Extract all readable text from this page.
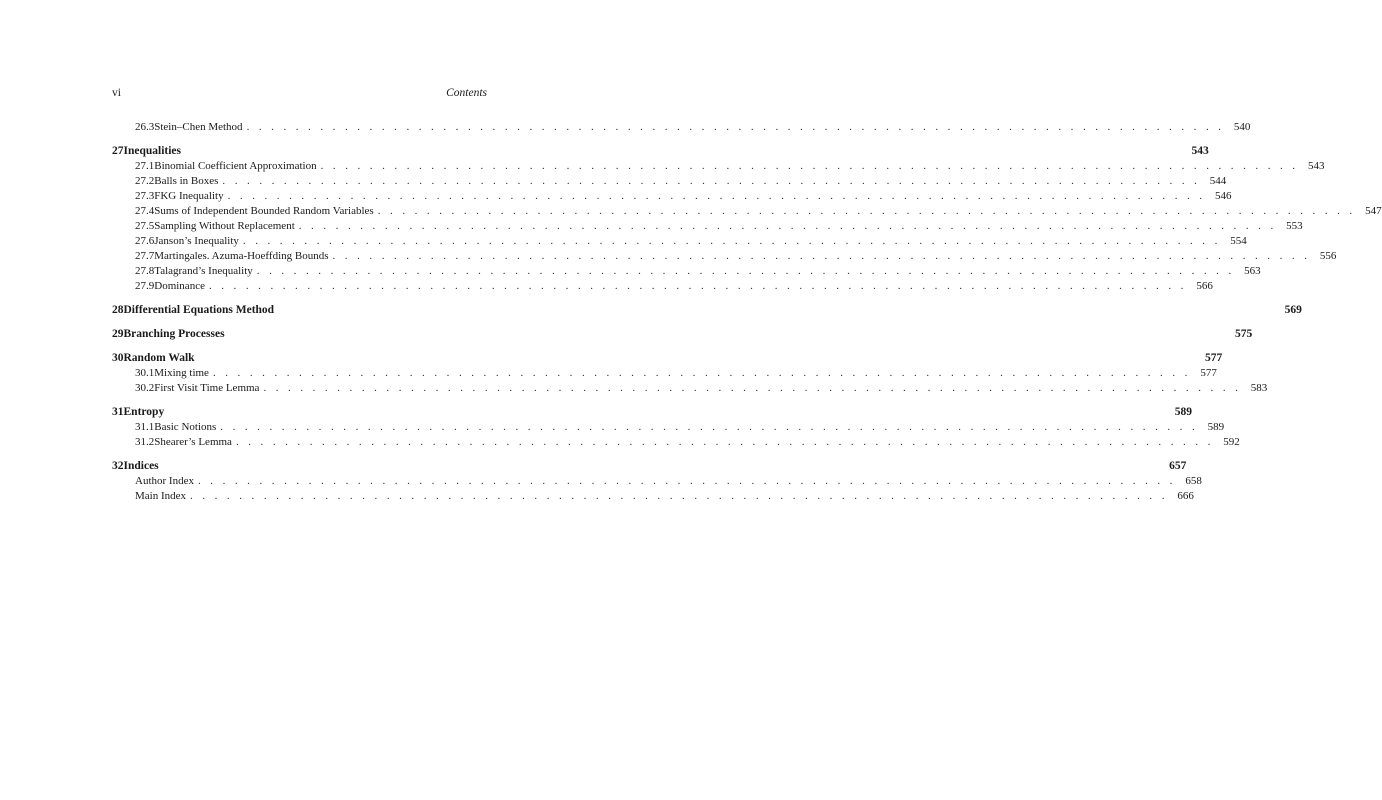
vi	Contents
26.3 Stein–Chen Method . . . . . . . . . . . . . . . . . . . . . . . . . . . . . . . . . . . . . . . . . . . . . . . . . . . . . . . . . . . . . . . . . . . . . . . . . . . . . . . . 540
27 Inequalities	543
27.1 Binomial Coefficient Approximation . . . . . . . . . . . . . . . . . . . . . . . . . . . . . . . . . . . . . . . . . . . . . . . . . . . . . . . . . . . . . . . . . . . . . . . . . . . . . . . . 543
27.2 Balls in Boxes . . . . . . . . . . . . . . . . . . . . . . . . . . . . . . . . . . . . . . . . . . . . . . . . . . . . . . . . . . . . . . . . . . . . . . . . . . . . . . . . 544
27.3 FKG Inequality . . . . . . . . . . . . . . . . . . . . . . . . . . . . . . . . . . . . . . . . . . . . . . . . . . . . . . . . . . . . . . . . . . . . . . . . . . . . . . . . 546
27.4 Sums of Independent Bounded Random Variables . . . . . . . . . . . . . . . . . . . . . . . . . . . . . . . . . . . . . . . . . . . . . . . . . . . . . . . . . . . . . . . . . . . . . . . . . . . . . . . . 547
27.5 Sampling Without Replacement . . . . . . . . . . . . . . . . . . . . . . . . . . . . . . . . . . . . . . . . . . . . . . . . . . . . . . . . . . . . . . . . . . . . . . . . . . . . . . . . 553
27.6 Janson’s Inequality . . . . . . . . . . . . . . . . . . . . . . . . . . . . . . . . . . . . . . . . . . . . . . . . . . . . . . . . . . . . . . . . . . . . . . . . . . . . . . . . 554
27.7 Martingales. Azuma-Hoeffding Bounds . . . . . . . . . . . . . . . . . . . . . . . . . . . . . . . . . . . . . . . . . . . . . . . . . . . . . . . . . . . . . . . . . . . . . . . . . . . . . . . . 556
27.8 Talagrand’s Inequality . . . . . . . . . . . . . . . . . . . . . . . . . . . . . . . . . . . . . . . . . . . . . . . . . . . . . . . . . . . . . . . . . . . . . . . . . . . . . . . . 563
27.9 Dominance . . . . . . . . . . . . . . . . . . . . . . . . . . . . . . . . . . . . . . . . . . . . . . . . . . . . . . . . . . . . . . . . . . . . . . . . . . . . . . . . 566
28 Differential Equations Method	569
29 Branching Processes	575
30 Random Walk	577
30.1 Mixing time . . . . . . . . . . . . . . . . . . . . . . . . . . . . . . . . . . . . . . . . . . . . . . . . . . . . . . . . . . . . . . . . . . . . . . . . . . . . . . . . 577
30.2 First Visit Time Lemma . . . . . . . . . . . . . . . . . . . . . . . . . . . . . . . . . . . . . . . . . . . . . . . . . . . . . . . . . . . . . . . . . . . . . . . . . . . . . . . . 583
31 Entropy	589
31.1 Basic Notions . . . . . . . . . . . . . . . . . . . . . . . . . . . . . . . . . . . . . . . . . . . . . . . . . . . . . . . . . . . . . . . . . . . . . . . . . . . . . . . . 589
31.2 Shearer’s Lemma . . . . . . . . . . . . . . . . . . . . . . . . . . . . . . . . . . . . . . . . . . . . . . . . . . . . . . . . . . . . . . . . . . . . . . . . . . . . . . . . 592
32 Indices	657
Author Index . . . . . . . . . . . . . . . . . . . . . . . . . . . . . . . . . . . . . . . . . . . . . . . . . . . . . . . . . . . . . . . . . . . . . . . . . . . . . . . . 658
Main Index . . . . . . . . . . . . . . . . . . . . . . . . . . . . . . . . . . . . . . . . . . . . . . . . . . . . . . . . . . . . . . . . . . . . . . . . . . . . . . . . 666
